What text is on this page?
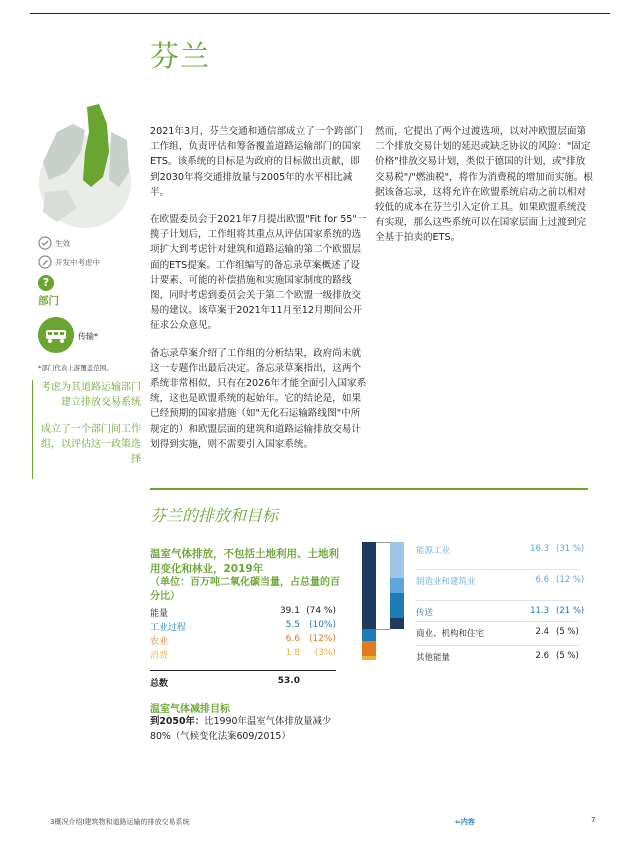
芬兰
生效
开发中考虑中
?
部门
传输*
*部门代表上游覆盖范围。

考虑为其道路运输部门建立排放交易系统

成立了一个部门间工作组，以评估这一政策选择

2021年3月，芬兰交通和通信部成立了一个跨部门工作组，负责评估和筹备覆盖道路运输部门的国家ETS。该系统的目标是为政府的目标做出贡献，即到2030年将交通排放量与2005年的水平相比减半。

在欧盟委员会于2021年7月提出欧盟"Fit for 55"一揽子计划后，工作组将其重点从评估国家系统的选项扩大到考虑针对建筑和道路运输的第二个欧盟层面的ETS提案。工作组编写的备忘录草案概述了设计要素、可能的补偿措施和实施国家制度的路线图，同时考虑到委员会关于第二个欧盟一级排放交易的建议。该草案于2021年11月至12月期间公开征求公众意见。

备忘录草案介绍了工作组的分析结果，政府尚未就这一专题作出最后决定。备忘录草案指出，这两个系统非常相似，只有在2026年才能全面引入国家系统，这也是欧盟系统的起始年。它的结论是，如果已经预期的国家措施（如"无化石运输路线图"中所规定的）和欧盟层面的建筑和道路运输排放交易计划得到实施，则不需要引入国家系统。

然而，它提出了两个过渡选项，以对冲欧盟层面第二个排放交易计划的延迟或缺乏协议的风险："固定价格"排放交易计划，类似于德国的计划，或"排放交易税"/"燃油税"，将作为消费税的增加而实施。根据该备忘录，这将允许在欧盟系统启动之前以相对较低的成本在芬兰引入定价工具。如果欧盟系统没有实现，那么这些系统可以在国家层面上过渡到完全基于拍卖的ETS。

芬兰的排放和目标
温室气体排放，不包括土地利用、土地利用变化和林业，2019年
（单位：百万吨二氧化碳当量，占总量的百分比）
能量	39.1 (74 %)
工业过程	5.5 (10%)
农业	6.6 (12%)
消费	1.8	(3%)
总数	53.0
温室气体减排目标
到2050年：比1990年温室气体排放量减少80%（气候变化法案609/2015）
能源工业	16.3 (31 %)
制造业和建筑业	6.6 (12 %)
传送	11.3 (21 %)
商业、机构和住宅	2.4 (5 %)
其他能量	2.6 (5 %)
3概况介绍I建筑物和道路运输的排放交易系统	⇐内容	7
